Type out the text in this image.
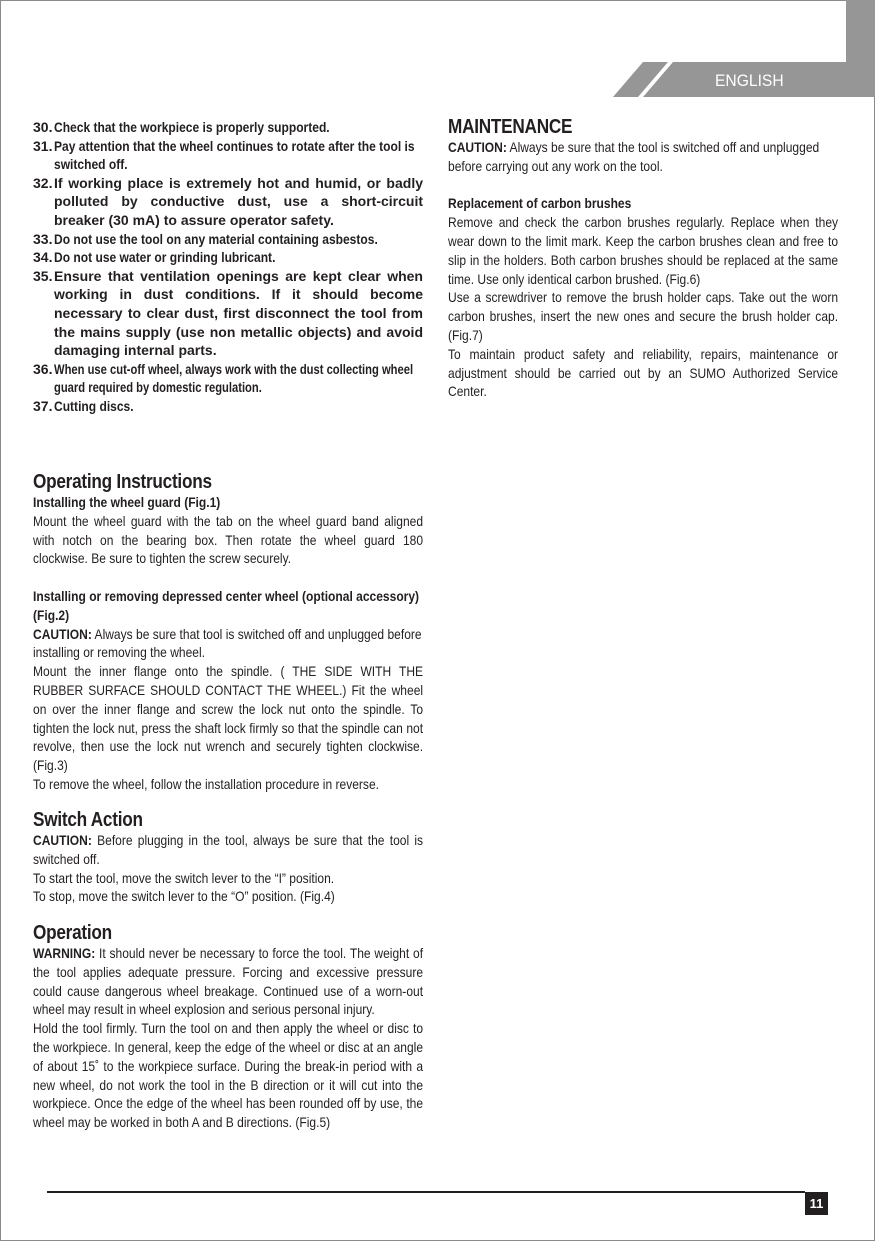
ENGLISH
30. Check that the workpiece is properly supported.
31. Pay attention that the wheel continues to rotate after the tool is switched off.
32. If working place is extremely hot and humid, or badly polluted by conductive dust, use a short-circuit breaker (30 mA) to assure operator safety.
33. Do not use the tool on any material containing asbestos.
34. Do not use water or grinding lubricant.
35. Ensure that ventilation openings are kept clear when working in dust conditions. If it should become necessary to clear dust, first disconnect the tool from the mains supply (use non metallic objects) and avoid damaging internal parts.
36. When use cut-off wheel, always work with the dust collecting wheel guard required by domestic regulation.
37. Cutting discs.
MAINTENANCE

CAUTION: Always be sure that the tool is switched off and unplugged before carrying out any work on the tool.

Replacement of carbon brushes

Remove and check the carbon brushes regularly. Replace when they wear down to the limit mark. Keep the carbon brushes clean and free to slip in the holders. Both carbon brushes should be replaced at the same time. Use only identical carbon brushed. (Fig.6)

Use a screwdriver to remove the brush holder caps. Take out the worn carbon brushes, insert the new ones and secure the brush holder cap. (Fig.7)

To maintain product safety and reliability, repairs, maintenance or adjustment should be carried out by an SUMO Authorized Service Center.

Operating Instructions
Installing the wheel guard (Fig.1)

Mount the wheel guard with the tab on the wheel guard band aligned with notch on the bearing box. Then rotate the wheel guard 180 clockwise. Be sure to tighten the screw securely.

Installing or removing depressed center wheel (optional accessory) (Fig.2)

CAUTION: Always be sure that tool is switched off and unplugged before installing or removing the wheel.

Mount the inner flange onto the spindle. ( THE SIDE WITH THE RUBBER SURFACE SHOULD CONTACT THE WHEEL.) Fit the wheel on over the inner flange and screw the lock nut onto the spindle. To tighten the lock nut, press the shaft lock firmly so that the spindle can not revolve, then use the lock nut wrench and securely tighten clockwise.(Fig.3)

To remove the wheel, follow the installation procedure in reverse.

Switch Action

CAUTION: Before plugging in the tool, always be sure that the tool is switched off.

To start the tool, move the switch lever to the “I” position.

To stop, move the switch lever to the “O” position. (Fig.4)

Operation

WARNING: It should never be necessary to force the tool. The weight of the tool applies adequate pressure. Forcing and excessive pressure could cause dangerous wheel breakage. Continued use of a worn-out wheel may result in wheel explosion and serious personal injury.

Hold the tool firmly. Turn the tool on and then apply the wheel or disc to the workpiece. In general, keep the edge of the wheel or disc at an angle of about 15˚ to the workpiece surface. During the break-in period with a new wheel, do not work the tool in the B direction or it will cut into the workpiece. Once the edge of the wheel has been rounded off by use, the wheel may be worked in both A and B directions. (Fig.5)

11
